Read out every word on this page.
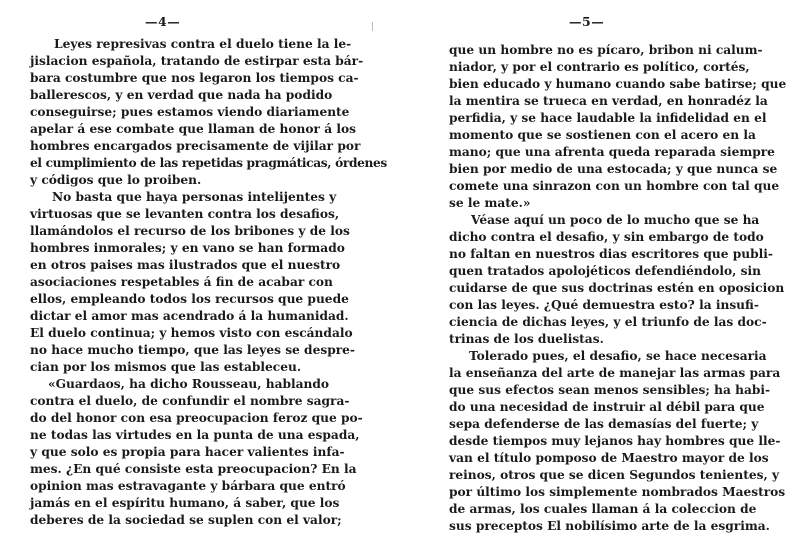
—4—
Leyes represivas contra el duelo tiene la le-
jislacion española, tratando de estirpar esta bár-
bara costumbre que nos legaron los tiempos ca-
ballerescos, y en verdad que nada ha podido
conseguirse; pues estamos viendo diariamente
apelar á ese combate que llaman de honor á los
hombres encargados precisamente de vijilar por
el cumplimiento de las repetidas pragmáticas, órdenes
y códigos que lo proiben.
No basta que haya personas intelijentes y
virtuosas que se levanten contra los desafios,
llamándolos el recurso de los bribones y de los
hombres inmorales; y en vano se han formado
en otros paises mas ilustrados que el nuestro
asociaciones respetables á fin de acabar con
ellos, empleando todos los recursos que puede
dictar el amor mas acendrado á la humanidad.
El duelo continua; y hemos visto con escándalo
no hace mucho tiempo, que las leyes se despre-
cian por los mismos que las estableceu.
«Guardaos, ha dicho Rousseau, hablando
contra el duelo, de confundir el nombre sagra-
do del honor con esa preocupacion feroz que po-
ne todas las virtudes en la punta de una espada,
y que solo es propia para hacer valientes infa-
mes. ¿En qué consiste esta preocupacion? En la
opinion mas estravagante y bárbara que entró
jamás en el espíritu humano, á saber, que los
deberes de la sociedad se suplen con el valor;
—5—
que un hombre no es pícaro, bribon ni calum-
niador, y por el contrario es político, cortés,
bien educado y humano cuando sabe batirse; que
la mentira se truecа en verdad, en honradéz la
perfidia, y se hace laudable la infidelidad en el
momento que se sostienen con el acero en la
mano; que una afrenta queda reparada siempre
bien por medio de una estocada; y que nunca se
comete una sinrazon con un hombre con tal que
se le mate.»
Véase aquí un poco de lo mucho que se ha
dicho contra el desafio, y sin embargo de todo
no faltan en nuestros dias escritores que publi-
quen tratados apolojéticos defendiéndolo, sin
cuidarse de que sus doctrinas estén en oposicion
con las leyes. ¿Qué demuestra esto? la insufi-
ciencia de dichas leyes, y el triunfo de las doc-
trinas de los duelistas.
Tolerado pues, el desafio, se hace necesaria
la enseñanza del arte de manejar las armas para
que sus efectos sean menos sensibles; ha habi-
do una necesidad de instruir al débil para que
sepa defenderse de las demasías del fuerte; y
desde tiempos muy lejanos hay hombres que lle-
van el título pomposo de Maestro mayor de los
reinos, otros que se dicen Segundos tenientes, y
por último los simplemente nombrados Maestros
de armas, los cuales llaman á la coleccion de
sus preceptos El nobilísimo arte de la esgrima.
